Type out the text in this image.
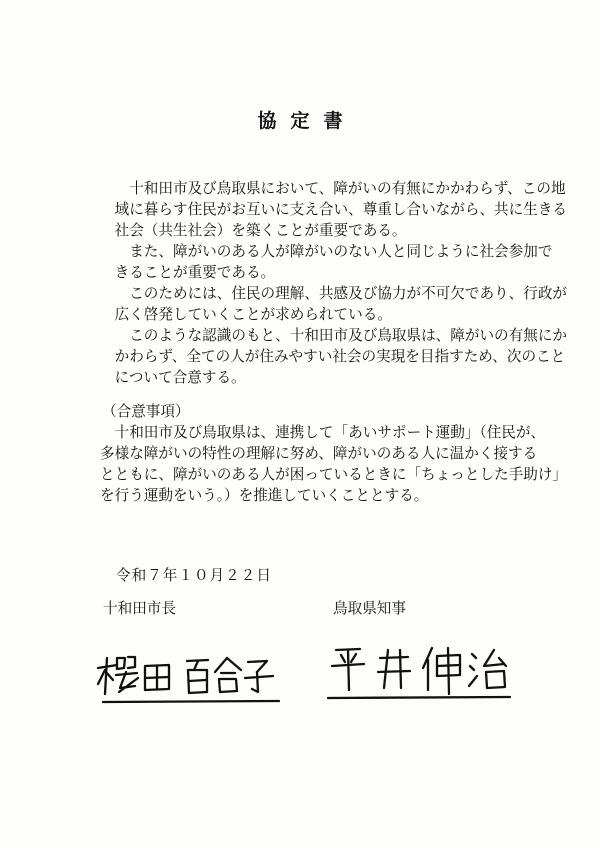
協定書

十和田市及び鳥取県において、障がいの有無にかかわらず、この地
域に暮らす住民がお互いに支え合い、尊重し合いながら、共に生きる
社会（共生社会）を築くことが重要である。

また、障がいのある人が障がいのない人と同じように社会参加で
きることが重要である。

このためには、住民の理解、共感及び協力が不可欠であり、行政が
広く啓発していくことが求められている。

このような認識のもと、十和田市及び鳥取県は、障がいの有無にか
かわらず、全ての人が住みやすい社会の実現を目指すため、次のこと
について合意する。

（合意事項）
十和田市及び鳥取県は、連携して「あいサポート運動」（住民が、
多様な障がいの特性の理解に努め、障がいのある人に温かく接する
とともに、障がいのある人が困っているときに「ちょっとした手助け」
を行う運動をいう。）を推進していくこととする。
令和７年１０月２２日
十和田市長	鳥取県知事
